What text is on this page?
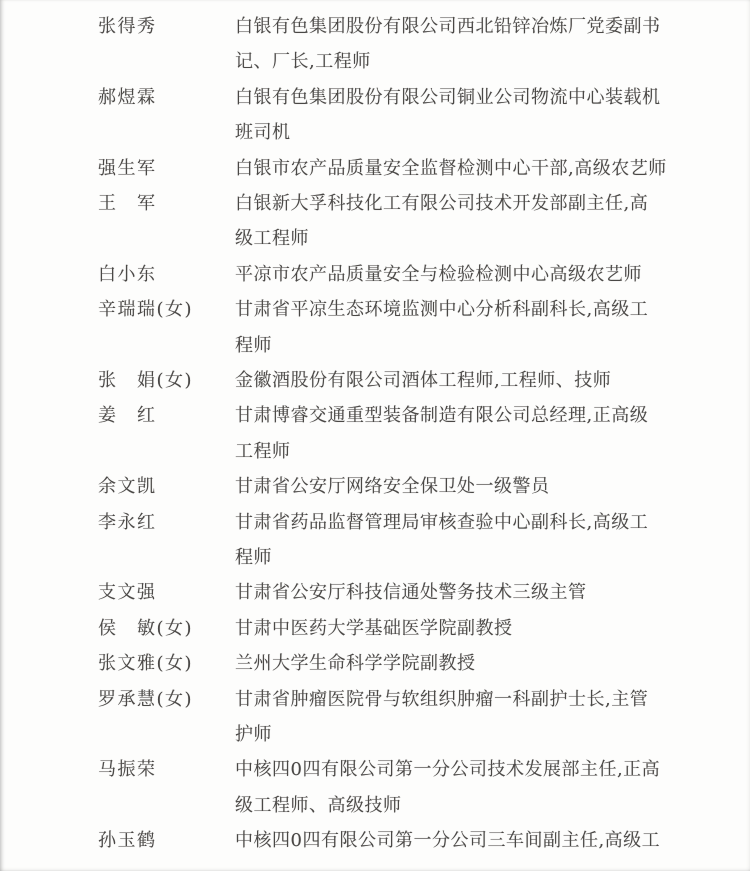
张得秀	白银有色集团股份有限公司西北铅锌冶炼厂党委副书
记、厂长,工程师
郝煜霖	白银有色集团股份有限公司铜业公司物流中心装载机
班司机
强生军	白银市农产品质量安全监督检测中心干部,高级农艺师
王　军	白银新大孚科技化工有限公司技术开发部副主任,高
级工程师
白小东	平凉市农产品质量安全与检验检测中心高级农艺师
辛瑞瑞(女)	甘肃省平凉生态环境监测中心分析科副科长,高级工
程师
张　娟(女)	金徽酒股份有限公司酒体工程师,工程师、技师
姜　红	甘肃博睿交通重型装备制造有限公司总经理,正高级
工程师
余文凯	甘肃省公安厅网络安全保卫处一级警员
李永红	甘肃省药品监督管理局审核查验中心副科长,高级工
程师
支文强	甘肃省公安厅科技信通处警务技术三级主管
侯　敏(女)	甘肃中医药大学基础医学院副教授
张文雅(女)	兰州大学生命科学学院副教授
罗承慧(女)	甘肃省肿瘤医院骨与软组织肿瘤一科副护士长,主管
护师
马振荣	中核四0四有限公司第一分公司技术发展部主任,正高
级工程师、高级技师
孙玉鹤	中核四0四有限公司第一分公司三车间副主任,高级工
